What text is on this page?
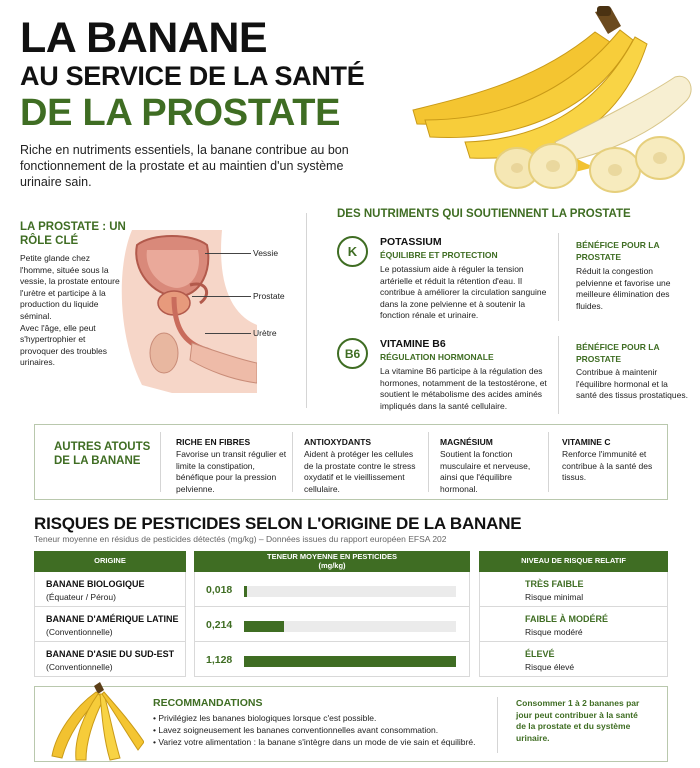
LA BANANE
AU SERVICE DE LA SANTÉ
DE LA PROSTATE
Riche en nutriments essentiels, la banane contribue au bon fonctionnement de la prostate et au maintien d'un système urinaire sain.
LA PROSTATE : UN RÔLE CLÉ
Petite glande chez l'homme, située sous la vessie, la prostate entoure l'urètre et participe à la production du liquide séminal.
Avec l'âge, elle peut s'hypertrophier et provoquer des troubles urinaires.
Vessie
Prostate
Urètre
DES NUTRIMENTS QUI SOUTIENNENT LA PROSTATE
K
POTASSIUM
ÉQUILIBRE ET PROTECTION
Le potassium aide à réguler la tension artérielle et réduit la rétention d'eau. Il contribue à améliorer la circulation sanguine dans la zone pelvienne et à soutenir la fonction rénale et urinaire.
BÉNÉFICE POUR LA PROSTATE
Réduit la congestion pelvienne et favorise une meilleure élimination des fluides.
B6
VITAMINE B6
RÉGULATION HORMONALE
La vitamine B6 participe à la régulation des hormones, notamment de la testostérone, et soutient le métabolisme des acides aminés impliqués dans la santé cellulaire.
BÉNÉFICE POUR LA PROSTATE
Contribue à maintenir l'équilibre hormonal et la santé des tissus prostatiques.
AUTRES ATOUTS DE LA BANANE
RICHE EN FIBRES
Favorise un transit régulier et limite la constipation, bénéfique pour la pression pelvienne.
ANTIOXYDANTS
Aident à protéger les cellules de la prostate contre le stress oxydatif et le vieillissement cellulaire.
MAGNÉSIUM
Soutient la fonction musculaire et nerveuse, ainsi que l'équilibre hormonal.
VITAMINE C
Renforce l'immunité et contribue à la santé des tissus.
RISQUES DE PESTICIDES SELON L'ORIGINE DE LA BANANE
Teneur moyenne en résidus de pesticides détectés (mg/kg) – Données issues du rapport européen EFSA 202
ORIGINE	TENEUR MOYENNE EN PESTICIDES (mg/kg)	NIVEAU DE RISQUE RELATIF
BANANE BIOLOGIQUE
(Équateur / Pérou)
BANANE D'AMÉRIQUE LATINE
(Conventionnelle)
BANANE D'ASIE DU SUD-EST
(Conventionnelle)
0,018
0,214
1,128
TRÈS FAIBLE
Risque minimal
FAIBLE À MODÉRÉ
Risque modéré
ÉLEVÉ
Risque élevé
RECOMMANDATIONS
• Privilégiez les bananes biologiques lorsque c'est possible.
• Lavez soigneusement les bananes conventionnelles avant consommation.
• Variez votre alimentation : la banane s'intègre dans un mode de vie sain et équilibré.
Consommer 1 à 2 bananes par jour peut contribuer à la santé de la prostate et du système urinaire.
